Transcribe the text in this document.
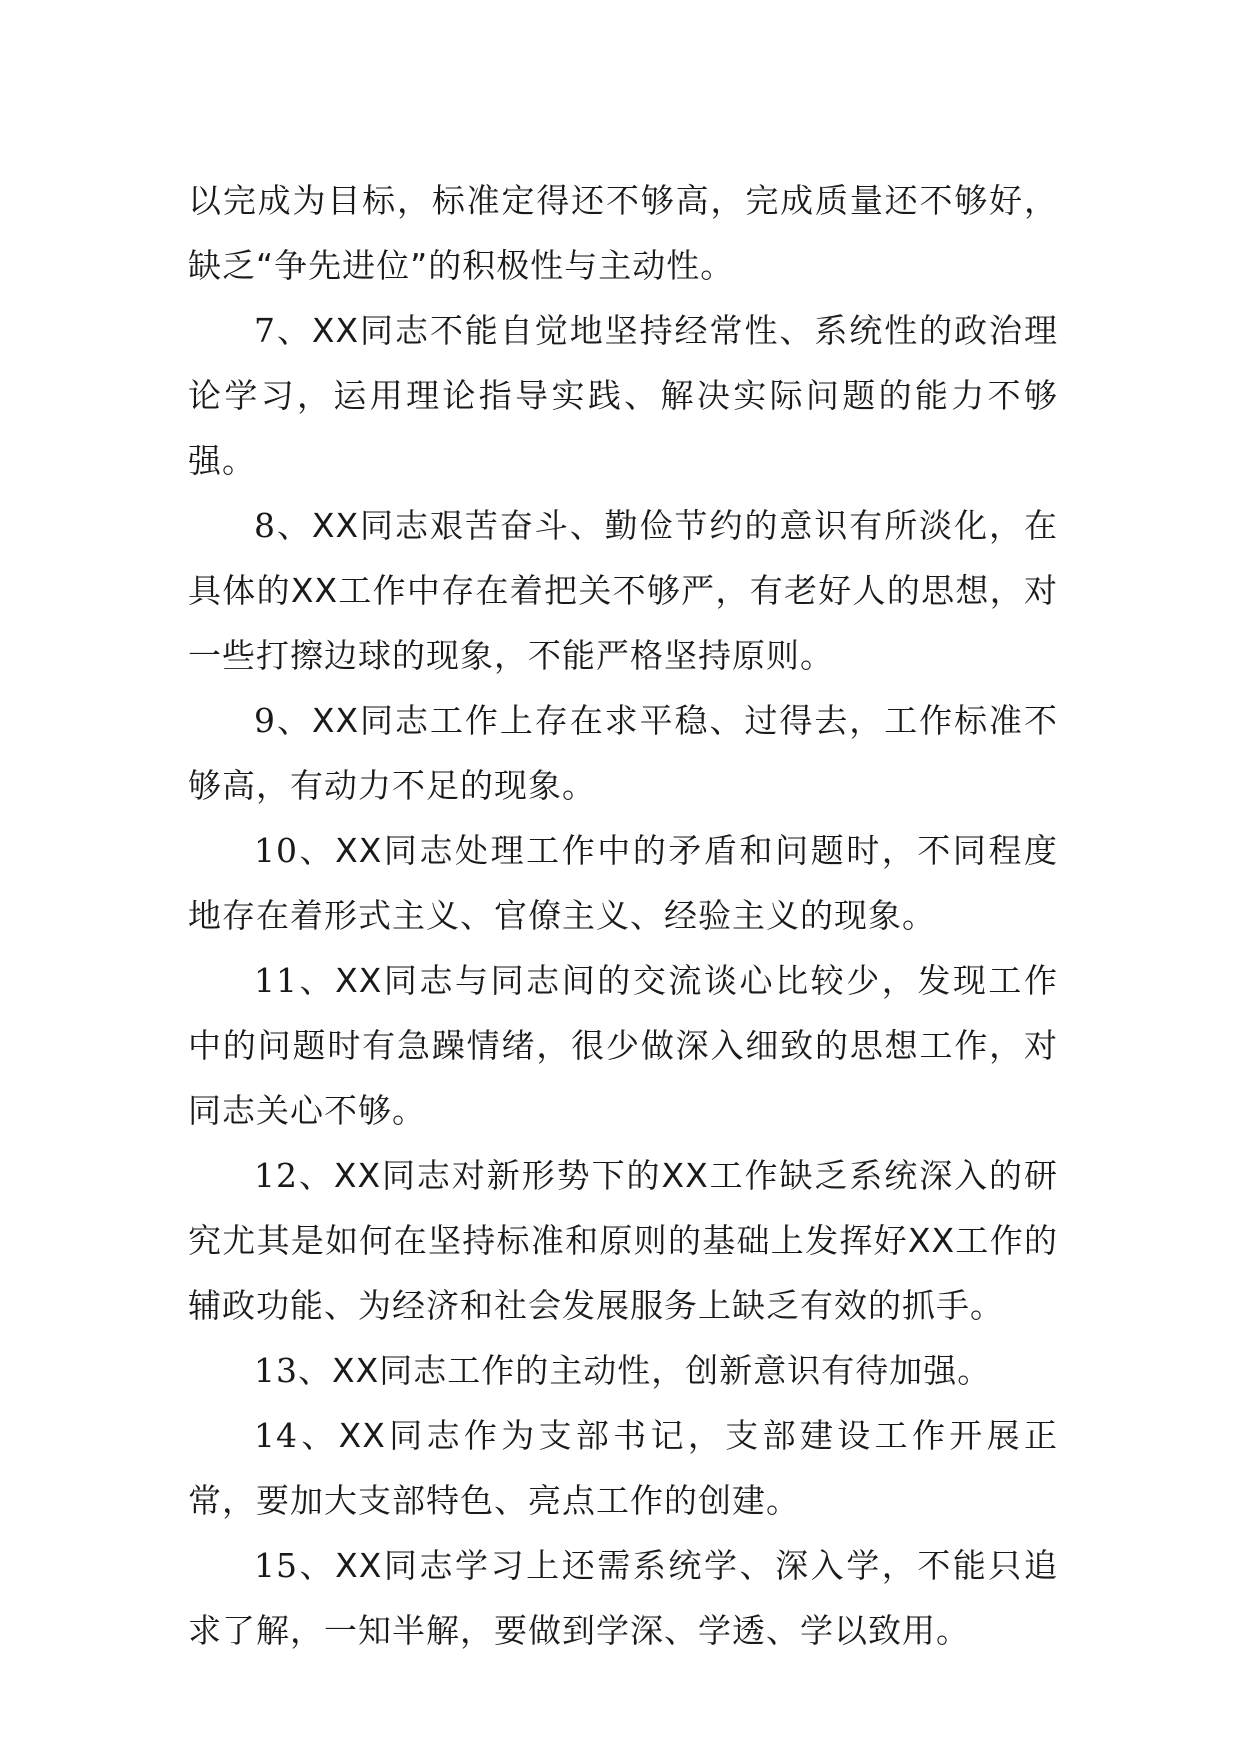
以完成为目标，标准定得还不够高，完成质量还不够好，缺乏“争先进位”的积极性与主动性。

7、XX同志不能自觉地坚持经常性、系统性的政治理论学习，运用理论指导实践、解决实际问题的能力不够强。

8、XX同志艰苦奋斗、勤俭节约的意识有所淡化，在具体的XX工作中存在着把关不够严，有老好人的思想，对一些打擦边球的现象，不能严格坚持原则。

9、XX同志工作上存在求平稳、过得去，工作标准不够高，有动力不足的现象。

10、XX同志处理工作中的矛盾和问题时，不同程度地存在着形式主义、官僚主义、经验主义的现象。

11、XX同志与同志间的交流谈心比较少，发现工作中的问题时有急躁情绪，很少做深入细致的思想工作，对同志关心不够。

12、XX同志对新形势下的XX工作缺乏系统深入的研究尤其是如何在坚持标准和原则的基础上发挥好XX工作的辅政功能、为经济和社会发展服务上缺乏有效的抓手。

13、XX同志工作的主动性，创新意识有待加强。

14、XX同志作为支部书记，支部建设工作开展正常，要加大支部特色、亮点工作的创建。

15、XX同志学习上还需系统学、深入学，不能只追求了解，一知半解，要做到学深、学透、学以致用。
